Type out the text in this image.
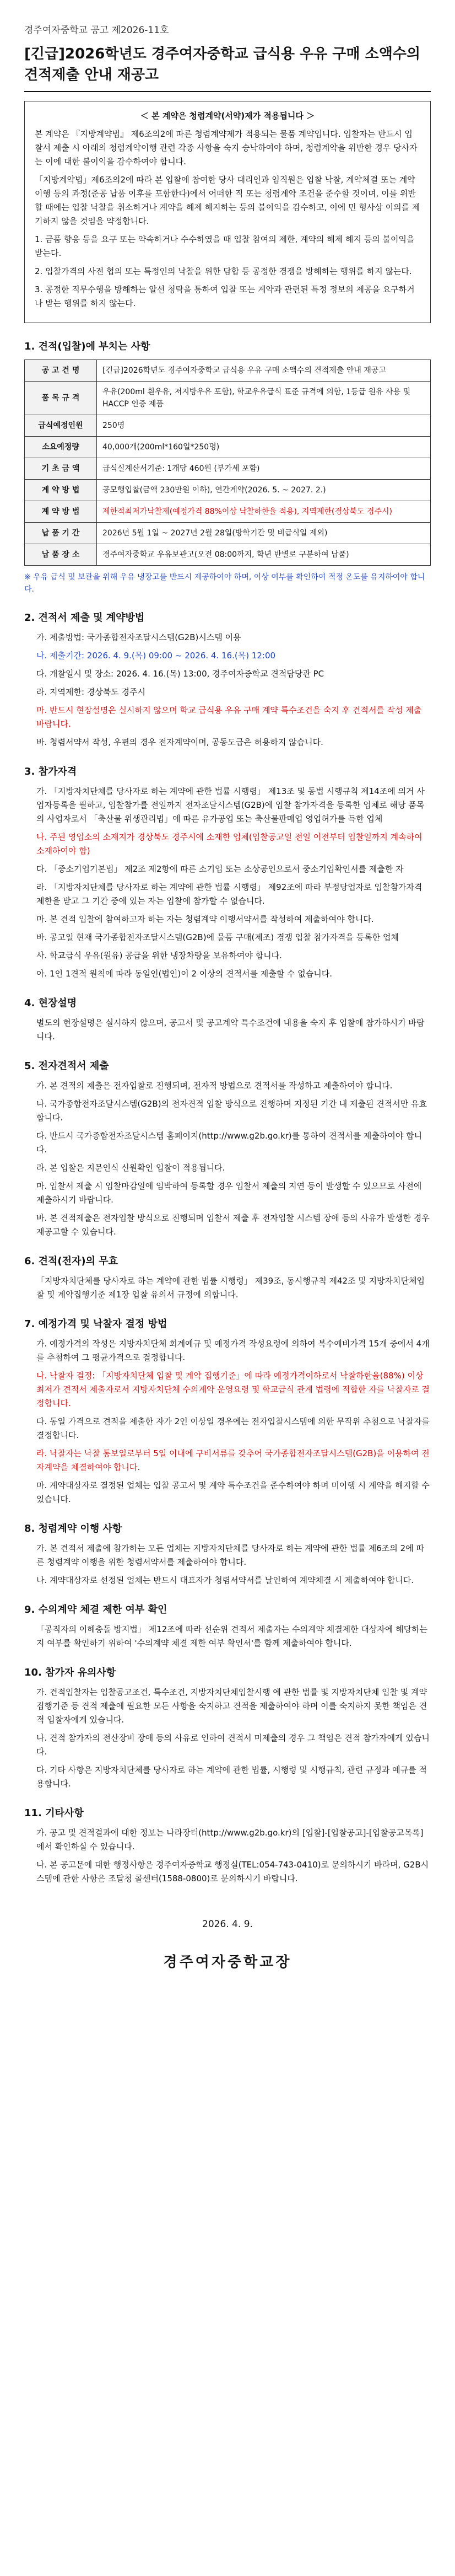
경주여자중학교 공고 제2026-11호
[긴급]2026학년도 경주여자중학교 급식용 우유 구매 소액수의 견적제출 안내 재공고
＜ 본 계약은 청렴계약(서약)제가 적용됩니다 ＞

본 계약은 『지방계약법』 제6조의2에 따른 청렴계약제가 적용되는 물품 계약입니다. 입찰자는 반드시 입찰서 제출 시 아래의 청렴계약이행 관련 각종 사항을 숙지 숭낙하여야 하며, 청렴계약을 위반한 경우 당사자는 이에 대한 불이익을 감수하여야 합니다.

「지방계약법」제6조의2에 따라 본 입찰에 참여한 당사 대리인과 임직원은 입찰 낙찰, 계약체결 또는 계약이행 등의 과정(준공 납품 이후를 포함한다)에서 어떠한 직 또는 청렴계약 조건을 준수할 것이며, 이를 위반할 때에는 입찰 낙찰을 취소하거나 계약을 해제 해지하는 등의 불이익을 감수하고, 이에 민 형사상 이의를 제기하지 않을 것임을 약정합니다.

1. 금품 향응 등을 요구 또는 약속하거나 수수하였을 때 입찰 참여의 제한, 계약의 해제 해지 등의 불이익을 받는다.

2. 입찰가격의 사전 협의 또는 특정인의 낙찰을 위한 담합 등 공정한 경쟁을 방해하는 행위를 하지 않는다.

3. 공정한 직무수행을 방해하는 알선 청탁을 통하여 입찰 또는 계약과 관련된 특정 정보의 제공을 요구하거나 받는 행위를 하지 않는다.

1. 견적(입찰)에 부치는 사항
공 고 건 명	[긴급]2026학년도 경주여자중학교 급식용 우유 구매 소액수의 견적제출 안내 재공고
품 목 규 격	우유(200ml 흰우유, 저지방우유 포함), 학교우유급식 표준 규격에 의함, 1등급 원유 사용 및 HACCP 인증 제품
급식예정인원	250명
소요예정량	40,000개(200ml*160일*250명)
기 초 금 액	급식실계산서기준: 1개당 460원 (부가세 포함)
계 약 방 법	공모행입찰(금액 230만원 이하), 연간계약(2026. 5. ~ 2027. 2.)
계 약 방 법	제한적최저가낙찰제(예정가격 88%이상 낙찰하한율 적용), 지역제한(경상북도 경주시)
납 품 기 간	2026년 5월 1일 ~ 2027년 2월 28일(방학기간 및 비급식일 제외)
납 품 장 소	경주여자중학교 우유보관고(오전 08:00까지, 학년 반별로 구분하여 납품)
※ 우유 급식 및 보관을 위해 우유 냉장고를 반드시 제공하여야 하며, 이상 여부를 확인하여 적정 온도를 유지하여야 합니다.
2. 견적서 제출 및 계약방법

가. 제출방법: 국가종합전자조달시스템(G2B)시스템 이용

나. 제출기간: 2026. 4. 9.(목) 09:00 ~ 2026. 4. 16.(목) 12:00

다. 개찰일시 및 장소: 2026. 4. 16.(목) 13:00, 경주여자중학교 견적담당관 PC

라. 지역제한: 경상북도 경주시

마. 반드시 현장설명은 실시하지 않으며 학교 급식용 우유 구매 계약 특수조건을 숙지 후 견적서를 작성 제출 바랍니다.

바. 청렴서약서 작성, 우편의 경우 전자계약이며, 공동도급은 허용하지 않습니다.

3. 참가자격

가. 「지방자치단체를 당사자로 하는 계약에 관한 법률 시행령」 제13조 및 동법 시행규칙 제14조에 의거 사업자등록을 필하고, 입찰참가를 전일까지 전자조달시스템(G2B)에 입찰 참가자격을 등록한 업체로 해당 품목의 사업자로서 「축산물 위생관리법」에 따른 유가공업 또는 축산물판매업 영업허가를 득한 업체

나. 주된 영업소의 소재지가 경상북도 경주시에 소재한 업체(입찰공고일 전일 이전부터 입찰일까지 계속하여 소재하여야 함)

다. 「중소기업기본법」 제2조 제2항에 따른 소기업 또는 소상공인으로서 중소기업확인서를 제출한 자

라. 「지방자치단체를 당사자로 하는 계약에 관한 법률 시행령」 제92조에 따라 부정당업자로 입찰참가자격 제한을 받고 그 기간 중에 있는 자는 입찰에 참가할 수 없습니다.

마. 본 견적 입찰에 참여하고자 하는 자는 청렴계약 이행서약서를 작성하여 제출하여야 합니다.

바. 공고일 현재 국가종합전자조달시스템(G2B)에 물품 구매(제조) 경쟁 입찰 참가자격을 등록한 업체

사. 학교급식 우유(원유) 공급을 위한 냉장차량을 보유하여야 합니다.

아. 1인 1견적 원칙에 따라 동일인(법인)이 2 이상의 견적서를 제출할 수 없습니다.

4. 현장설명

별도의 현장설명은 실시하지 않으며, 공고서 및 공고계약 특수조건에 내용을 숙지 후 입찰에 참가하시기 바랍니다.

5. 전자견적서 제출

가. 본 견적의 제출은 전자입찰로 진행되며, 전자적 방법으로 견적서를 작성하고 제출하여야 합니다.

나. 국가종합전자조달시스템(G2B)의 전자견적 입찰 방식으로 진행하며 지정된 기간 내 제출된 견적서만 유효합니다.

다. 반드시 국가종합전자조달시스템 홈페이지(http://www.g2b.go.kr)를 통하여 견적서를 제출하여야 합니다.

라. 본 입찰은 지문인식 신원확인 입찰이 적용됩니다.

마. 입찰서 제출 시 입찰마감일에 임박하여 등록할 경우 입찰서 제출의 지연 등이 발생할 수 있으므로 사전에 제출하시기 바랍니다.

바. 본 견적제출은 전자입찰 방식으로 진행되며 입찰서 제출 후 전자입찰 시스템 장애 등의 사유가 발생한 경우 재공고할 수 있습니다.

6. 견적(전자)의 무효

「지방자치단체를 당사자로 하는 계약에 관한 법률 시행령」 제39조, 동시행규칙 제42조 및 지방자치단체입찰 및 계약집행기준 제1장 입찰 유의서 규정에 의합니다.

7. 예정가격 및 낙찰자 결정 방법

가. 예정가격의 작성은 지방자치단체 회계예규 및 예정가격 작성요령에 의하여 복수예비가격 15개 중에서 4개를 추첨하여 그 평균가격으로 결정합니다.

나. 낙찰자 결정: 「지방자치단체 입찰 및 계약 집행기준」에 따라 예정가격이하로서 낙찰하한율(88%) 이상 최저가 견적서 제출자로서 지방자치단체 수의계약 운영요령 및 학교급식 관계 법령에 적합한 자를 낙찰자로 결정합니다.

다. 동일 가격으로 견적을 제출한 자가 2인 이상일 경우에는 전자입찰시스템에 의한 무작위 추첨으로 낙찰자를 결정합니다.

라. 낙찰자는 낙찰 통보일로부터 5일 이내에 구비서류를 갖추어 국가종합전자조달시스템(G2B)을 이용하여 전자계약을 체결하여야 합니다.

마. 계약대상자로 결정된 업체는 입찰 공고서 및 계약 특수조건을 준수하여야 하며 미이행 시 계약을 해지할 수 있습니다.

8. 청렴계약 이행 사항

가. 본 견적서 제출에 참가하는 모든 업체는 지방자치단체를 당사자로 하는 계약에 관한 법률 제6조의 2에 따른 청렴계약 이행을 위한 청렴서약서를 제출하여야 합니다.

나. 계약대상자로 선정된 업체는 반드시 대표자가 청렴서약서를 날인하여 계약체결 시 제출하여야 합니다.

9. 수의계약 체결 제한 여부 확인

「공직자의 이해충돌 방지법」 제12조에 따라 선순위 견적서 제출자는 수의계약 체결제한 대상자에 해당하는지 여부를 확인하기 위하여 '수의계약 체결 제한 여부 확인서'를 함께 제출하여야 합니다.

10. 참가자 유의사항

가. 견적입찰자는 입찰공고조건, 특수조건, 지방자치단체입찰시행 에 관한 법률 및 지방자치단체 입찰 및 계약 집행기준 등 견적 제출에 필요한 모든 사항을 숙지하고 견적을 제출하여야 하며 이를 숙지하지 못한 책임은 견적 입찰자에게 있습니다.

나. 견적 참가자의 전산장비 장애 등의 사유로 인하여 견적서 미제출의 경우 그 책임은 견적 참가자에게 있습니다.

다. 기타 사항은 지방자치단체를 당사자로 하는 계약에 관한 법률, 시행령 및 시행규칙, 관련 규정과 예규를 적용합니다.

11. 기타사항

가. 공고 및 견적결과에 대한 정보는 나라장터(http://www.g2b.go.kr)의 [입찰]-[입찰공고]-[입찰공고목록]에서 확인하실 수 있습니다.

나. 본 공고문에 대한 행정사항은 경주여자중학교 행정실(TEL:054-743-0410)로 문의하시기 바라며, G2B시스템에 관한 사항은 조달청 콜센터(1588-0800)로 문의하시기 바랍니다.

2026. 4. 9.
경주여자중학교장
